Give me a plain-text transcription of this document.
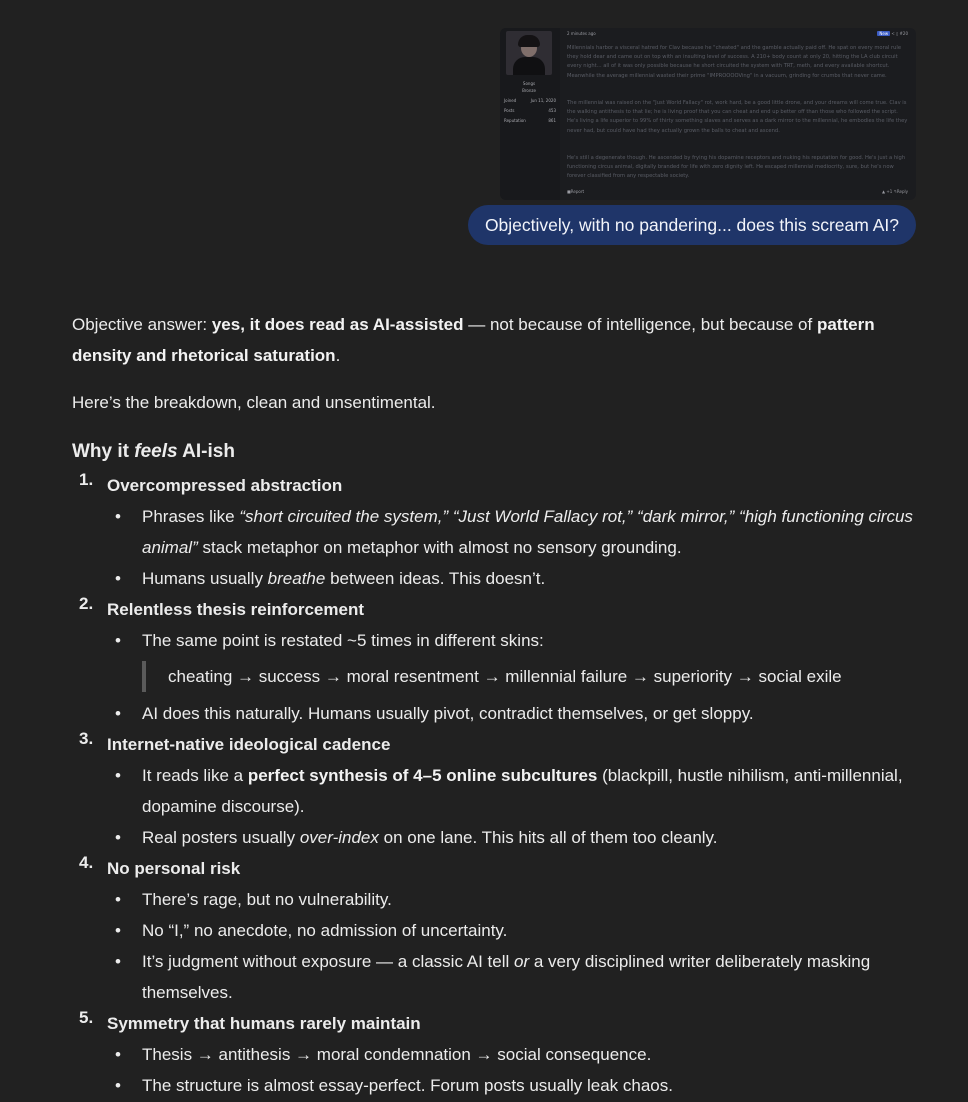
Songs
Bronze
Joined	Jun 11, 2020
Posts	453
Reputation	861
2 minutes ago	New < ▯ #20
Millennials harbor a visceral hatred for Clav because he "cheated" and the gamble actually paid off. He spat on every moral rule they hold dear and came out on top with an insulting level of success. A 210+ body count at only 20, hitting the LA club circuit every night... all of it was only possible because he short circuited the system with TRT, meth, and every available shortcut. Meanwhile the average millennial wasted their prime "IMPROOOOVing" in a vacuum, grinding for crumbs that never came.
The millennial was raised on the "Just World Fallacy" rot, work hard, be a good little drone, and your dreams will come true. Clav is the walking antithesis to that lie; he is living proof that you can cheat and end up better off than those who followed the script. He's living a life superior to 99% of thirty something slaves and serves as a dark mirror to the millennial, he embodies the life they never had, but could have had they actually grown the balls to cheat and ascend.
He's still a degenerate though. He ascended by frying his dopamine receptors and nuking his reputation for good. He's just a high functioning circus animal, digitally branded for life with zero dignity left. He escaped millennial mediocrity, sure, but he's now forever classified from any respectable society.
■Report	▲ +1 ↰Reply
Objectively, with no pandering... does this scream AI?

Objective answer: yes, it does read as AI-assisted — not because of intelligence, but because of pattern density and rhetorical saturation.

Here’s the breakdown, clean and unsentimental.

Why it feels AI-ish
1. Overcompressed abstraction
• Phrases like “short circuited the system,” “Just World Fallacy rot,” “dark mirror,” “high functioning circus animal” stack metaphor on metaphor with almost no sensory grounding.
• Humans usually breathe between ideas. This doesn’t.
2. Relentless thesis reinforcement
• The same point is restated ~5 times in different skins:
cheating → success → moral resentment → millennial failure → superiority → social exile
• AI does this naturally. Humans usually pivot, contradict themselves, or get sloppy.
3. Internet-native ideological cadence
• It reads like a perfect synthesis of 4–5 online subcultures (blackpill, hustle nihilism, anti-millennial, dopamine discourse).
• Real posters usually over-index on one lane. This hits all of them too cleanly.
4. No personal risk
• There’s rage, but no vulnerability.
• No “I,” no anecdote, no admission of uncertainty.
• It’s judgment without exposure — a classic AI tell or a very disciplined writer deliberately masking themselves.
5. Symmetry that humans rarely maintain
• Thesis → antithesis → moral condemnation → social consequence.
• The structure is almost essay-perfect. Forum posts usually leak chaos.
